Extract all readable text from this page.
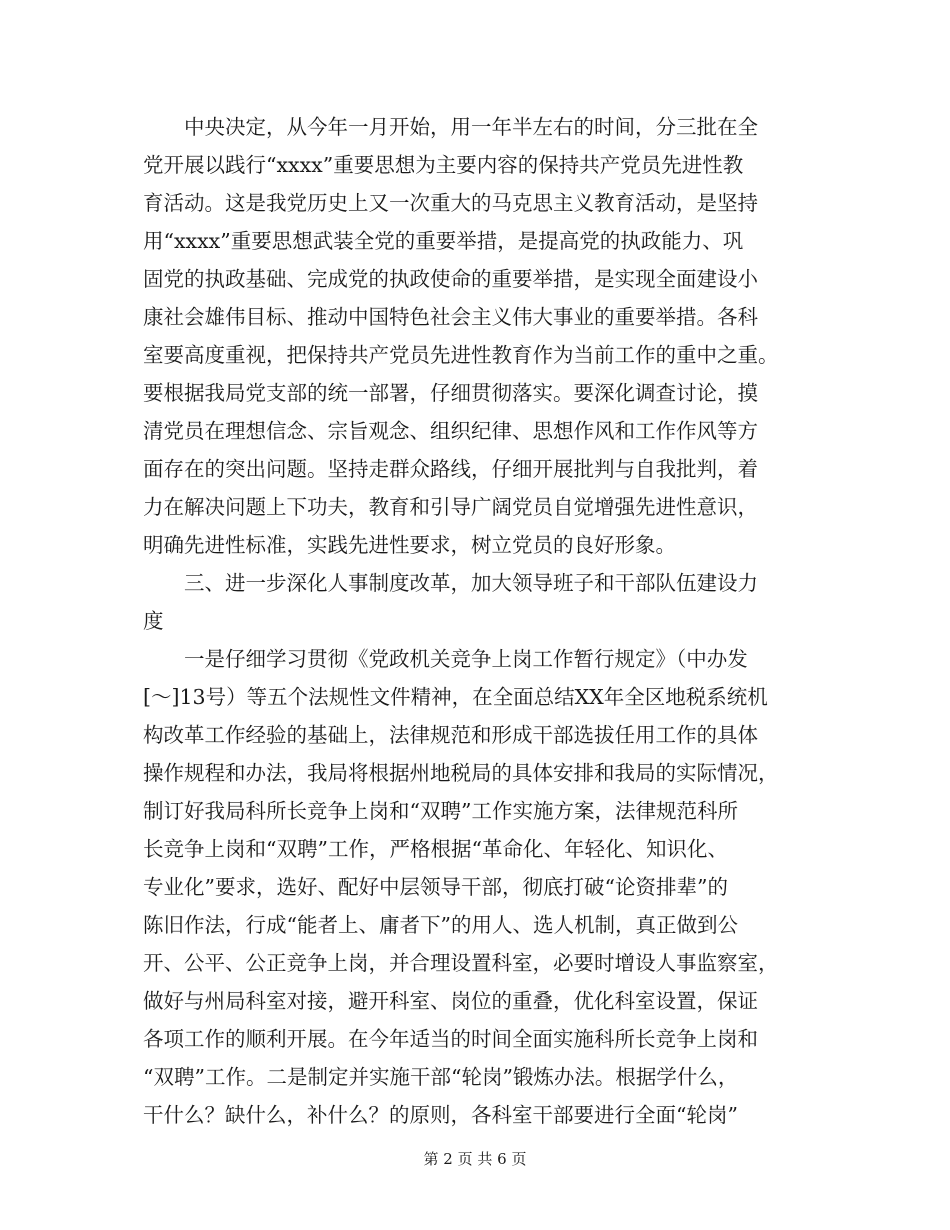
　　中央决定，从今年一月开始，用一年半左右的时间，分三批在全
党开展以践行“xxxx”重要思想为主要内容的保持共产党员先进性教
育活动。这是我党历史上又一次重大的马克思主义教育活动，是坚持
用“xxxx”重要思想武装全党的重要举措，是提高党的执政能力、巩
固党的执政基础、完成党的执政使命的重要举措，是实现全面建设小
康社会雄伟目标、推动中国特色社会主义伟大事业的重要举措。各科
室要高度重视，把保持共产党员先进性教育作为当前工作的重中之重。
要根据我局党支部的统一部署，仔细贯彻落实。要深化调查讨论，摸
清党员在理想信念、宗旨观念、组织纪律、思想作风和工作作风等方
面存在的突出问题。坚持走群众路线，仔细开展批判与自我批判，着
力在解决问题上下功夫，教育和引导广阔党员自觉增强先进性意识，
明确先进性标准，实践先进性要求，树立党员的良好形象。
　　三、进一步深化人事制度改革，加大领导班子和干部队伍建设力
度
　　一是仔细学习贯彻《党政机关竞争上岗工作暂行规定》（中办发
[～]13号）等五个法规性文件精神，在全面总结XX年全区地税系统机
构改革工作经验的基础上，法律规范和形成干部选拔任用工作的具体
操作规程和办法，我局将根据州地税局的具体安排和我局的实际情况，
制订好我局科所长竞争上岗和“双聘”工作实施方案，法律规范科所
长竞争上岗和“双聘”工作，严格根据“革命化、年轻化、知识化、
专业化”要求，选好、配好中层领导干部，彻底打破“论资排辈”的
陈旧作法，行成“能者上、庸者下”的用人、选人机制，真正做到公
开、公平、公正竞争上岗，并合理设置科室，必要时增设人事监察室，
做好与州局科室对接，避开科室、岗位的重叠，优化科室设置，保证
各项工作的顺利开展。在今年适当的时间全面实施科所长竞争上岗和
“双聘”工作。二是制定并实施干部“轮岗”锻炼办法。根据学什么，
干什么？缺什么，补什么？的原则，各科室干部要进行全面“轮岗”
第 2 页 共 6 页
